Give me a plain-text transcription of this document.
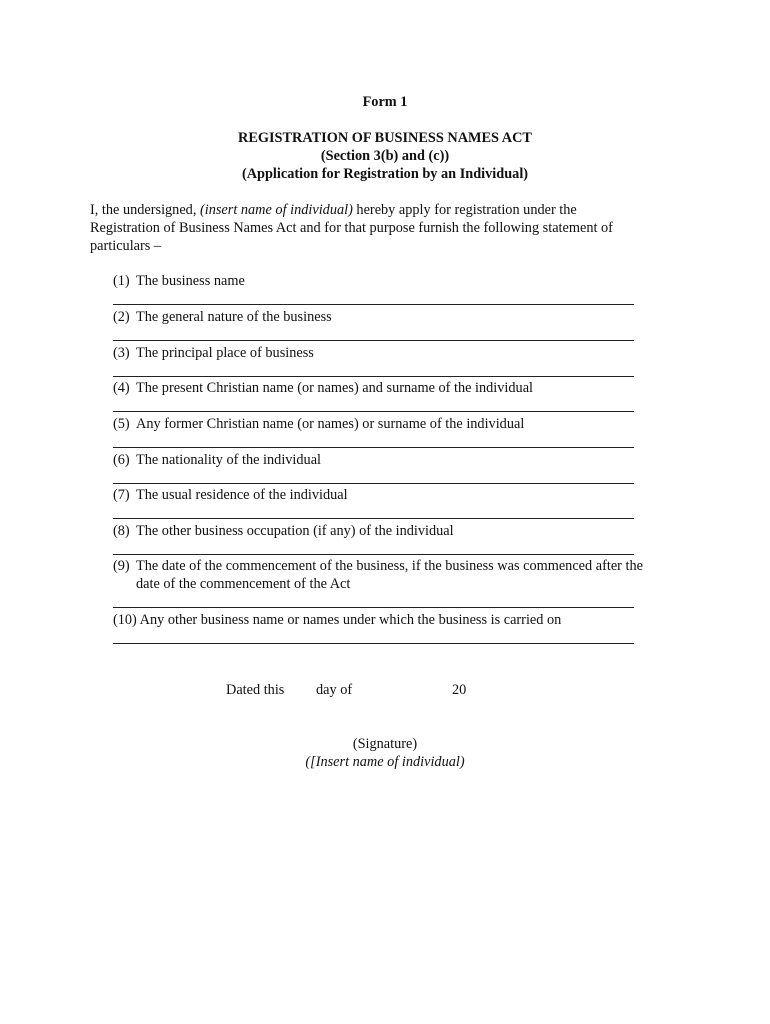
Form 1
REGISTRATION OF BUSINESS NAMES ACT
(Section 3(b) and (c))
(Application for Registration by an Individual)
I, the undersigned, (insert name of individual) hereby apply for registration under the Registration of Business Names Act and for that purpose furnish the following statement of particulars –
(1) The business name
(2) The general nature of the business
(3) The principal place of business
(4) The present Christian name (or names) and surname of the individual
(5) Any former Christian name (or names) or surname of the individual
(6) The nationality of the individual
(7) The usual residence of the individual
(8) The other business occupation (if any) of the individual
(9) The date of the commencement of the business, if the business was commenced after the
date of the commencement of the Act
(10) Any other business name or names under which the business is carried on
Dated this day of	20
(Signature)
([Insert name of individual)
